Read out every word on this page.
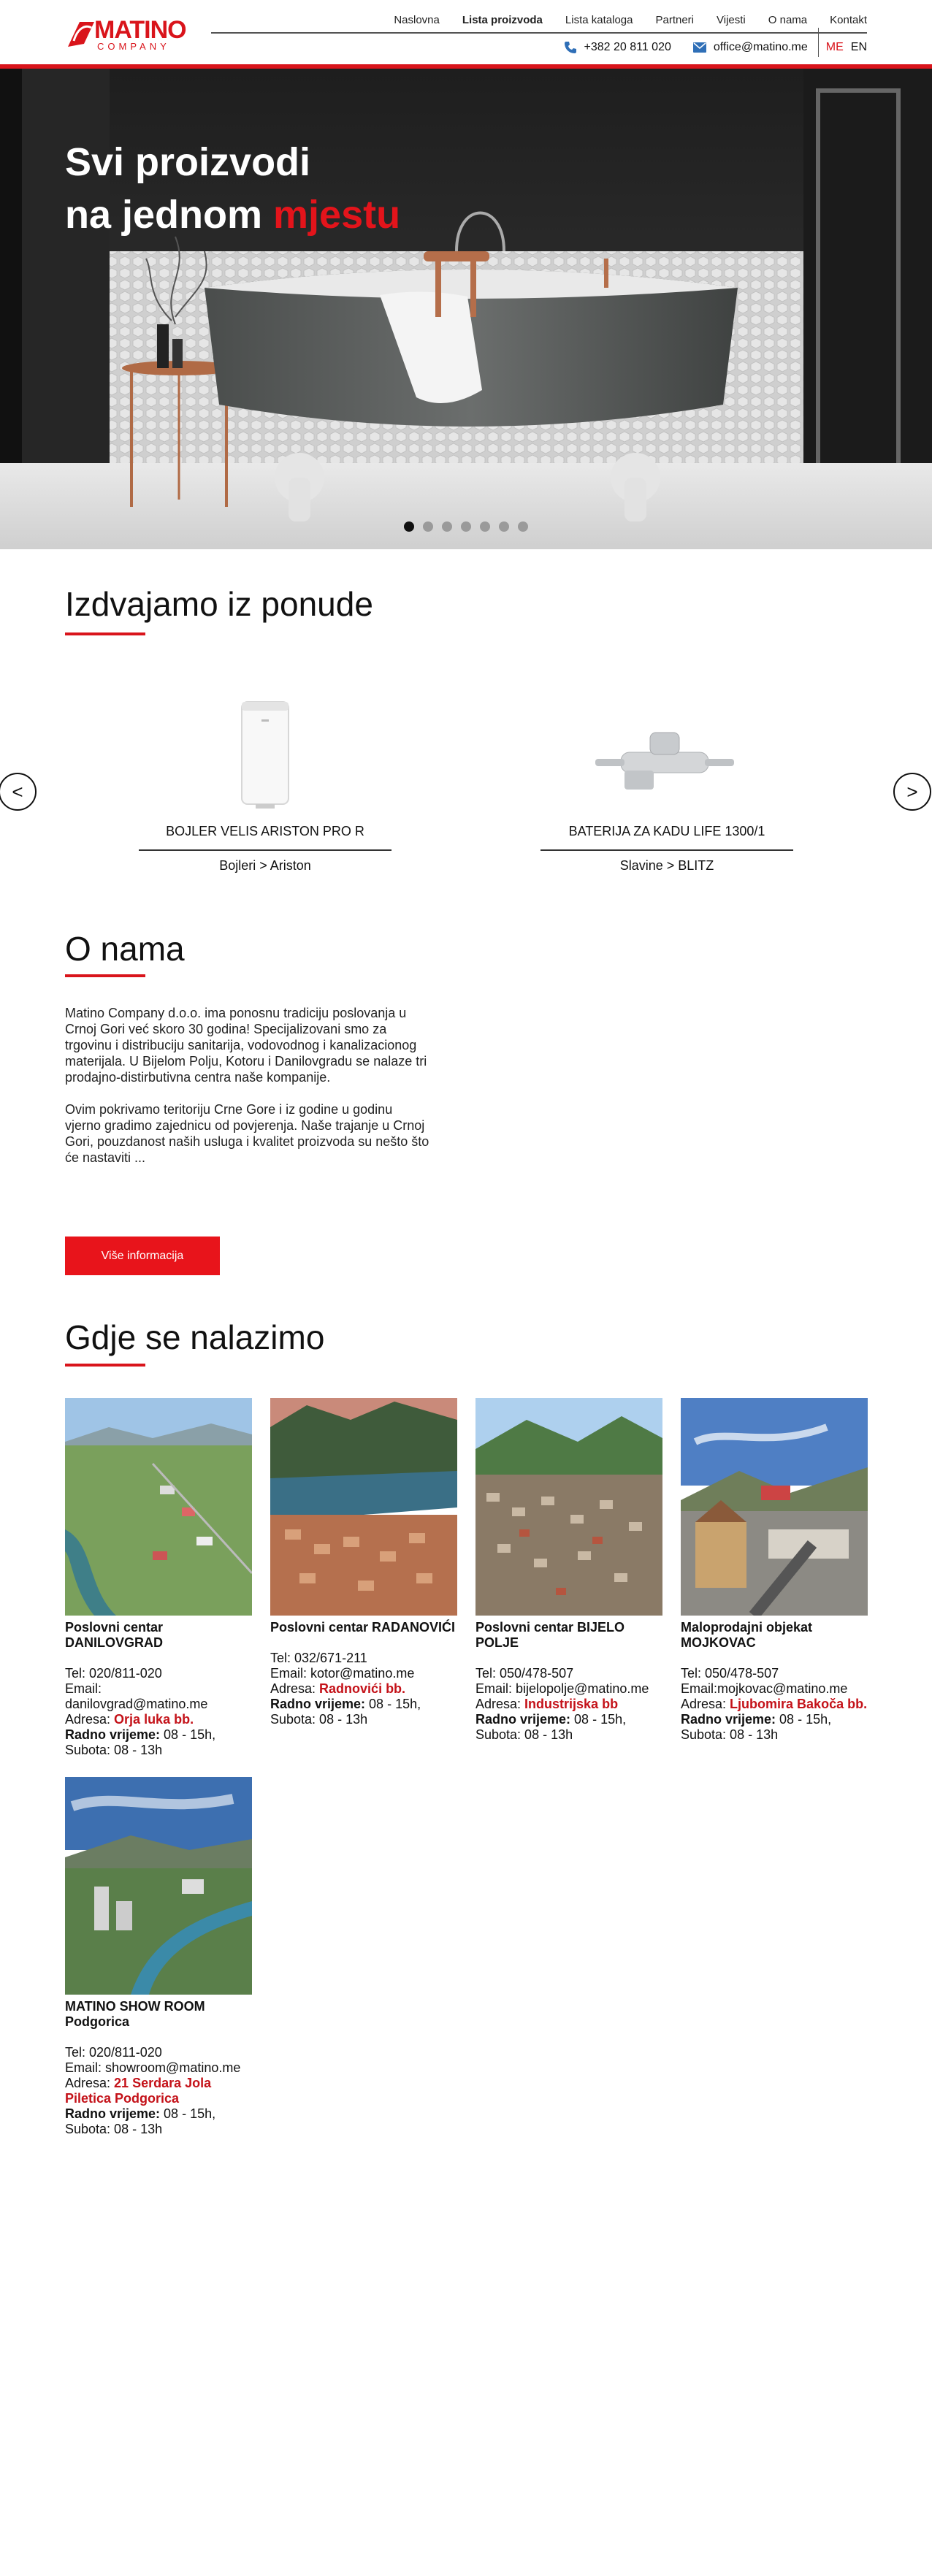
MATINO
COMPANY
Naslovna Lista proizvoda Lista kataloga Partneri Vijesti O nama Kontakt
+382 20 811 020	office@matino.me ME EN
Svi proizvodi
na jednom mjestu
Izdvajamo iz ponude
<	>
BOJLER VELIS ARISTON PRO R
Bojleri > Ariston
BATERIJA ZA KADU LIFE 1300/1
Slavine > BLITZ
O nama

Matino Company d.o.o. ima ponosnu tradiciju poslovanja u Crnoj Gori već skoro 30 godina! Specijalizovani smo za trgovinu i distribuciju sanitarija, vodovodnog i kanalizacionog materijala. U Bijelom Polju, Kotoru i Danilovgradu se nalaze tri prodajno-distirbutivna centra naše kompanije.

Ovim pokrivamo teritoriju Crne Gore i iz godine u godinu vjerno gradimo zajednicu od povjerenja. Naše trajanje u Crnoj Gori, pouzdanost naših usluga i kvalitet proizvoda su nešto što će nastaviti ...

Više informacija
Gdje se nalazimo
Poslovni centar DANILOVGRAD
Tel: 020/811-020
Email:
danilovgrad@matino.me
Adresa: Orja luka bb.
Radno vrijeme: 08 - 15h,
Subota: 08 - 13h
Poslovni centar RADANOVIĆI
Tel: 032/671-211
Email: kotor@matino.me
Adresa: Radnovići bb.
Radno vrijeme: 08 - 15h,
Subota: 08 - 13h
Poslovni centar BIJELO POLJE
Tel: 050/478-507
Email: bijelopolje@matino.me
Adresa: Industrijska bb
Radno vrijeme: 08 - 15h,
Subota: 08 - 13h
Maloprodajni objekat MOJKOVAC
Tel: 050/478-507
Email:mojkovac@matino.me
Adresa: Ljubomira Bakoča bb.
Radno vrijeme: 08 - 15h,
Subota: 08 - 13h
MATINO SHOW ROOM Podgorica
Tel: 020/811-020
Email: showroom@matino.me
Adresa: 21 Serdara Jola Piletica Podgorica
Radno vrijeme: 08 - 15h,
Subota: 08 - 13h
